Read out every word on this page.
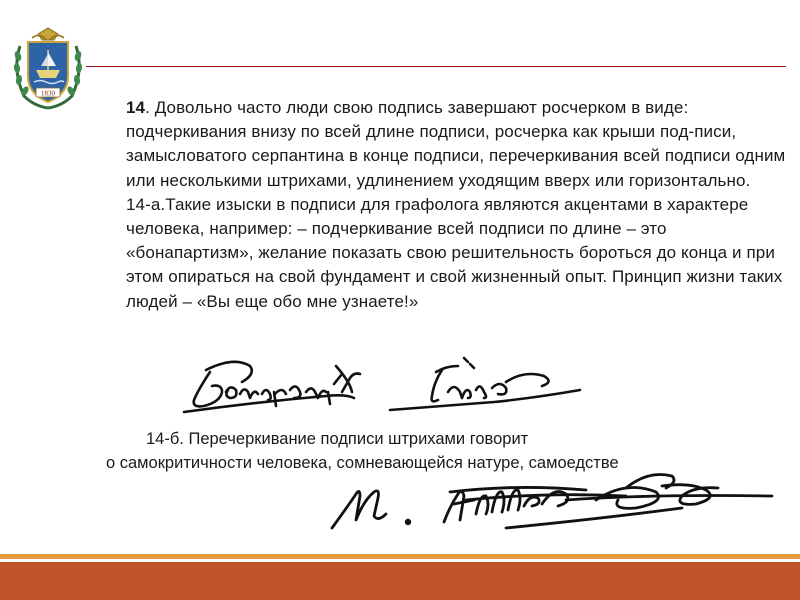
1830

14. Довольно часто люди свою подпись завершают росчерком в виде: подчеркивания внизу по всей длине подписи, росчерка как крыши под-писи, замысловатого серпантина в конце подписи, перечеркивания всей подписи одним или несколькими штрихами, удлинением уходящим вверх или горизонтально.

14-а.Такие изыски в подписи для графолога являются акцентами в характере человека, например: – подчеркивание всей подписи по длине – это «бонапартизм», желание показать свою решительность бороться до конца и при этом опираться на свой фундамент и свой жизненный опыт. Принцип жизни таких людей – «Вы еще обо мне узнаете!»

14-б. Перечеркивание подписи штрихами говорит
о самокритичности человека, сомневающейся натуре, самоедстве
